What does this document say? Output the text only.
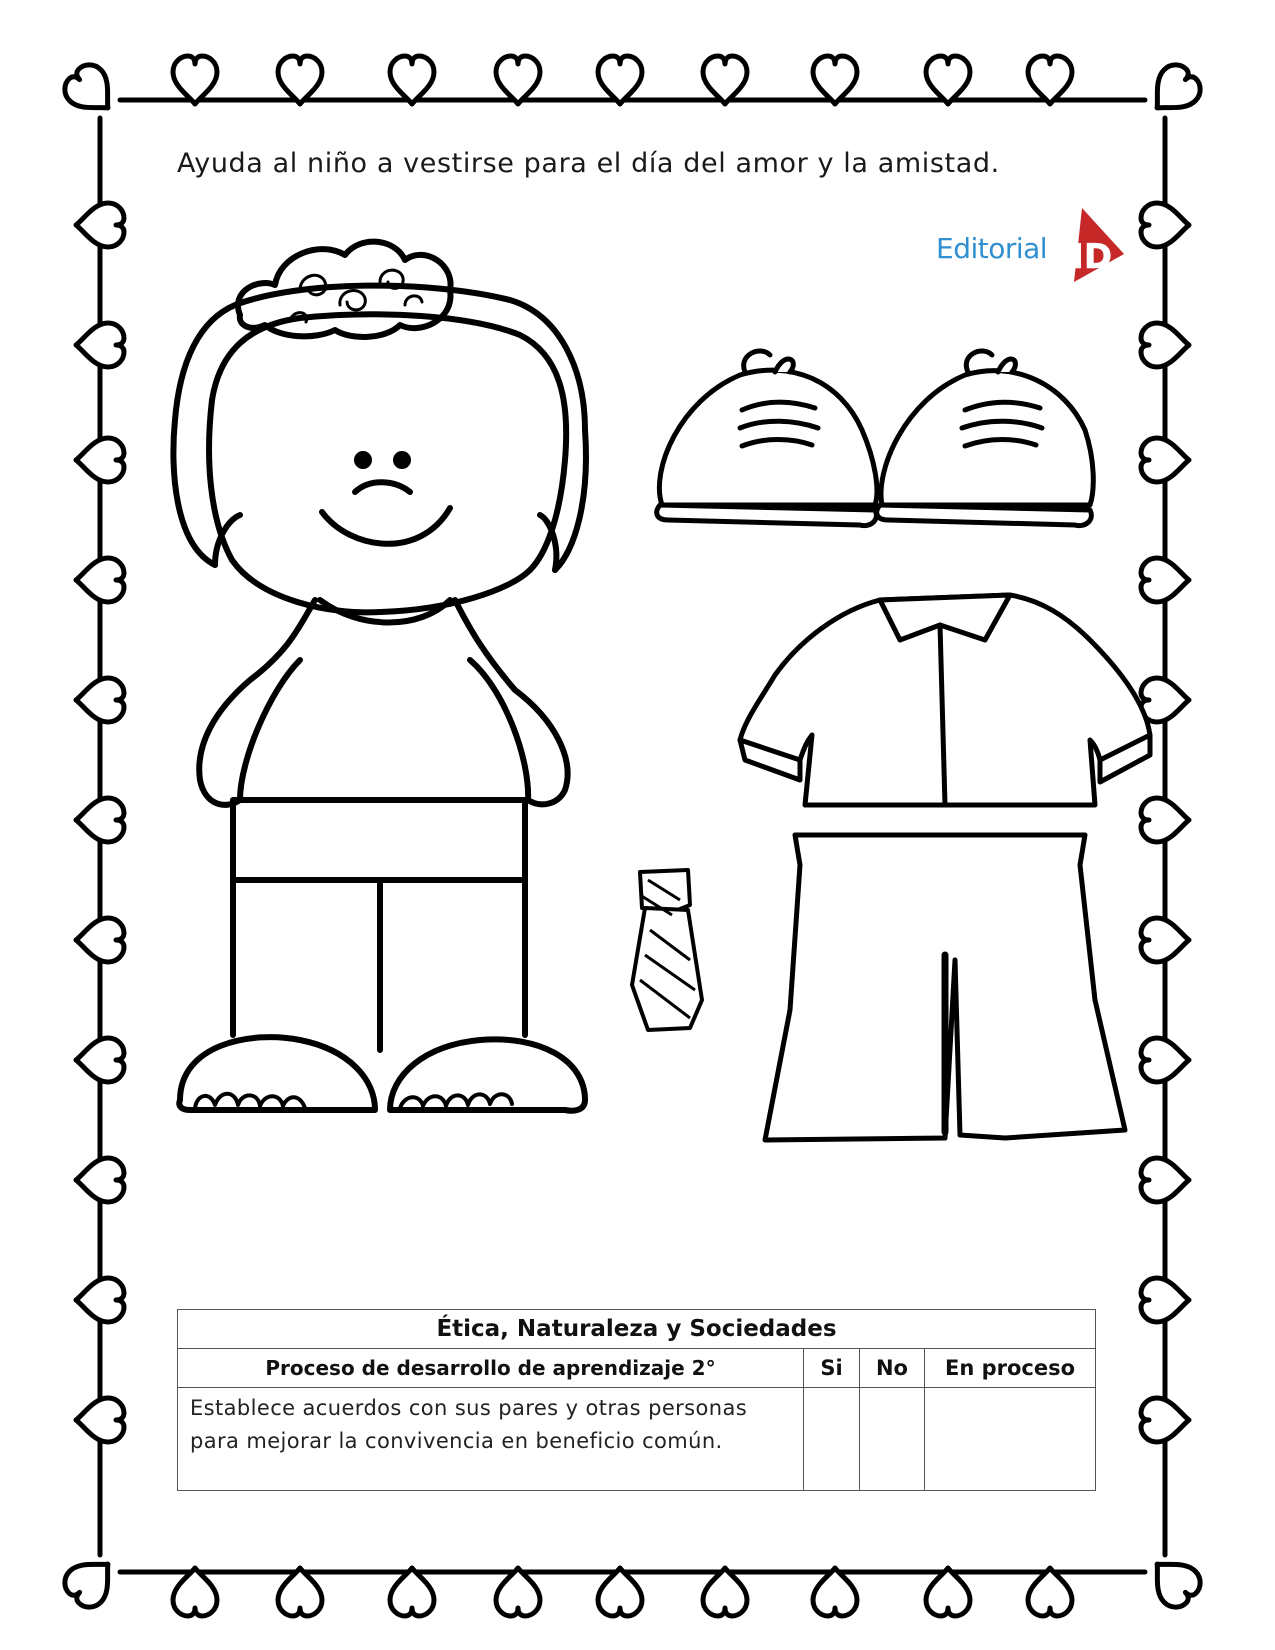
Ayuda al niño a vestirse para el día del amor y la amistad.
Editorial MD
Ética, Naturaleza y Sociedades			
Proceso de desarrollo de aprendizaje 2°	Si	No	En proceso
Establece acuerdos con sus pares y otras personas para mejorar la convivencia en beneficio común.			
